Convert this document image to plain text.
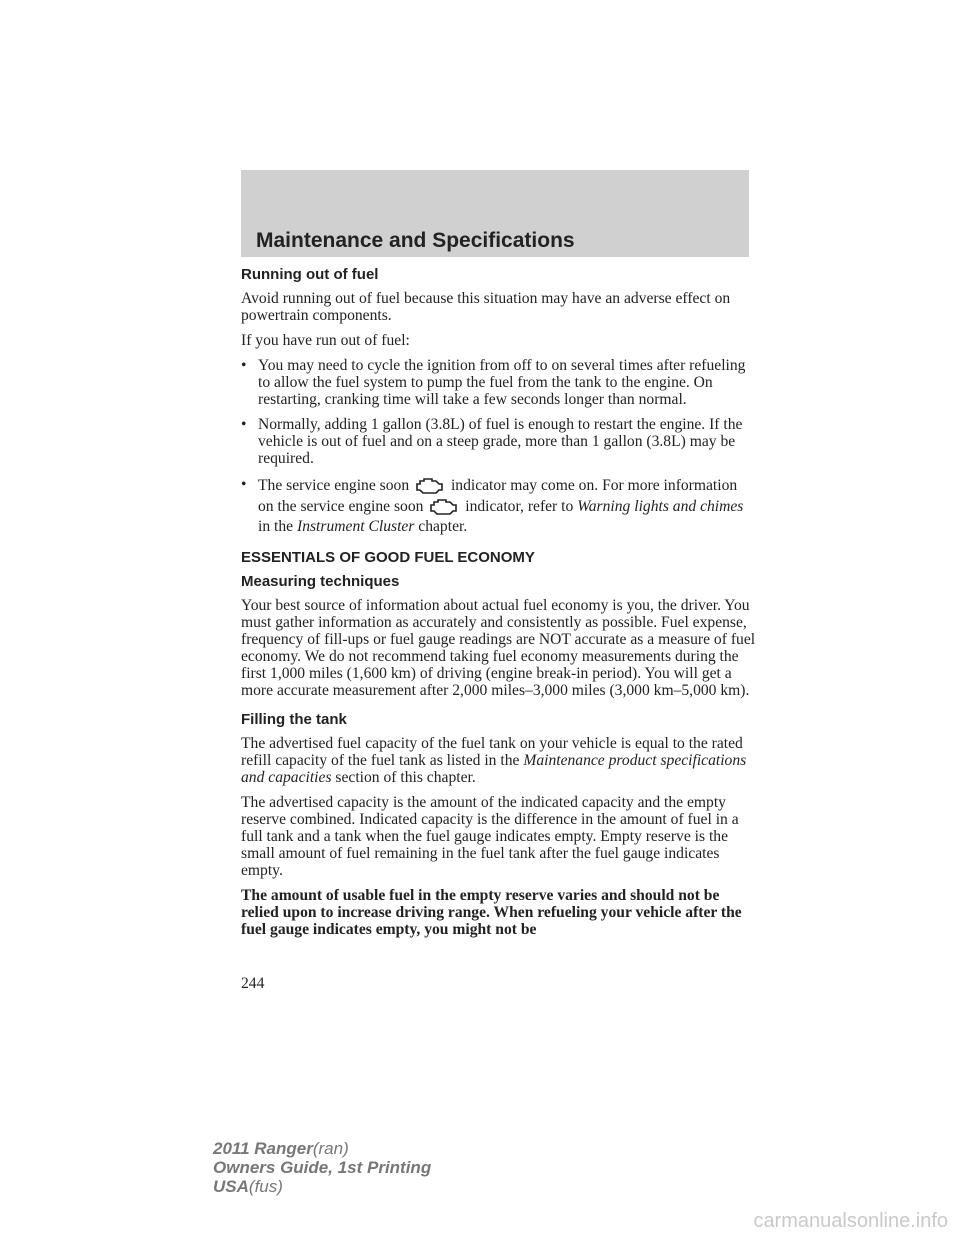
Maintenance and Specifications
Running out of fuel

Avoid running out of fuel because this situation may have an adverse effect on powertrain components.

If you have run out of fuel:

• You may need to cycle the ignition from off to on several times after refueling to allow the fuel system to pump the fuel from the tank to the engine. On restarting, cranking time will take a few seconds longer than normal.
• Normally, adding 1 gallon (3.8L) of fuel is enough to restart the engine. If the vehicle is out of fuel and on a steep grade, more than 1 gallon (3.8L) may be required.
• The service engine soon	indicator may come on. For more information on the service engine soon	indicator, refer to Warning lights and chimes in the Instrument Cluster chapter.
ESSENTIALS OF GOOD FUEL ECONOMY
Measuring techniques

Your best source of information about actual fuel economy is you, the driver. You must gather information as accurately and consistently as possible. Fuel expense, frequency of fill-ups or fuel gauge readings are NOT accurate as a measure of fuel economy. We do not recommend taking fuel economy measurements during the first 1,000 miles (1,600 km) of driving (engine break-in period). You will get a more accurate measurement after 2,000 miles–3,000 miles (3,000 km–5,000 km).

Filling the tank

The advertised fuel capacity of the fuel tank on your vehicle is equal to the rated refill capacity of the fuel tank as listed in the Maintenance product specifications and capacities section of this chapter.

The advertised capacity is the amount of the indicated capacity and the empty reserve combined. Indicated capacity is the difference in the amount of fuel in a full tank and a tank when the fuel gauge indicates empty. Empty reserve is the small amount of fuel remaining in the fuel tank after the fuel gauge indicates empty.

The amount of usable fuel in the empty reserve varies and should not be relied upon to increase driving range. When refueling your vehicle after the fuel gauge indicates empty, you might not be

244
2011 Ranger(ran)
Owners Guide, 1st Printing
USA(fus)
carmanualsonline.info
